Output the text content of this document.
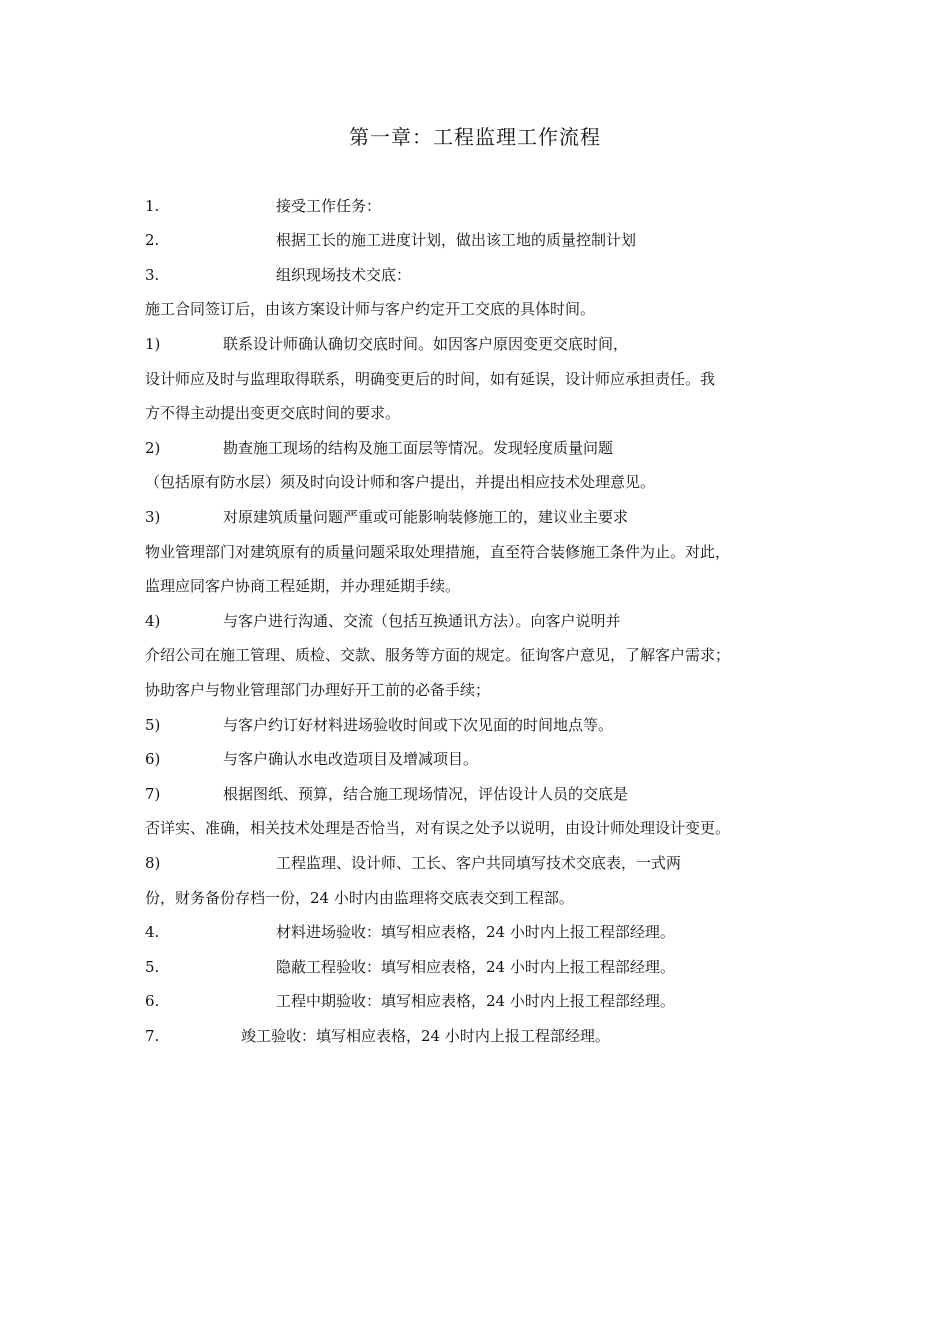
第一章：工程监理工作流程
1.	接受工作任务：
2.	根据工长的施工进度计划，做出该工地的质量控制计划
3.	组织现场技术交底：
施工合同签订后，由该方案设计师与客户约定开工交底的具体时间。
1)	联系设计师确认确切交底时间。如因客户原因变更交底时间，
设计师应及时与监理取得联系，明确变更后的时间，如有延误，设计师应承担责任。我
方不得主动提出变更交底时间的要求。
2)	勘查施工现场的结构及施工面层等情况。发现轻度质量问题
（包括原有防水层）须及时向设计师和客户提出，并提出相应技术处理意见。
3)	对原建筑质量问题严重或可能影响装修施工的，建议业主要求
物业管理部门对建筑原有的质量问题采取处理措施，直至符合装修施工条件为止。对此，
监理应同客户协商工程延期，并办理延期手续。
4)	与客户进行沟通、交流（包括互换通讯方法）。向客户说明并
介绍公司在施工管理、质检、交款、服务等方面的规定。征询客户意见，了解客户需求；
协助客户与物业管理部门办理好开工前的必备手续；
5)	与客户约订好材料进场验收时间或下次见面的时间地点等。
6)	与客户确认水电改造项目及增减项目。
7)	根据图纸、预算，结合施工现场情况，评估设计人员的交底是
否详实、准确，相关技术处理是否恰当，对有误之处予以说明，由设计师处理设计变更。
8)	工程监理、设计师、工长、客户共同填写技术交底表，一式两
份，财务备份存档一份，24 小时内由监理将交底表交到工程部。
4.	材料进场验收：填写相应表格，24 小时内上报工程部经理。
5.	隐蔽工程验收：填写相应表格，24 小时内上报工程部经理。
6.	工程中期验收：填写相应表格，24 小时内上报工程部经理。
7.	竣工验收：填写相应表格，24 小时内上报工程部经理。
